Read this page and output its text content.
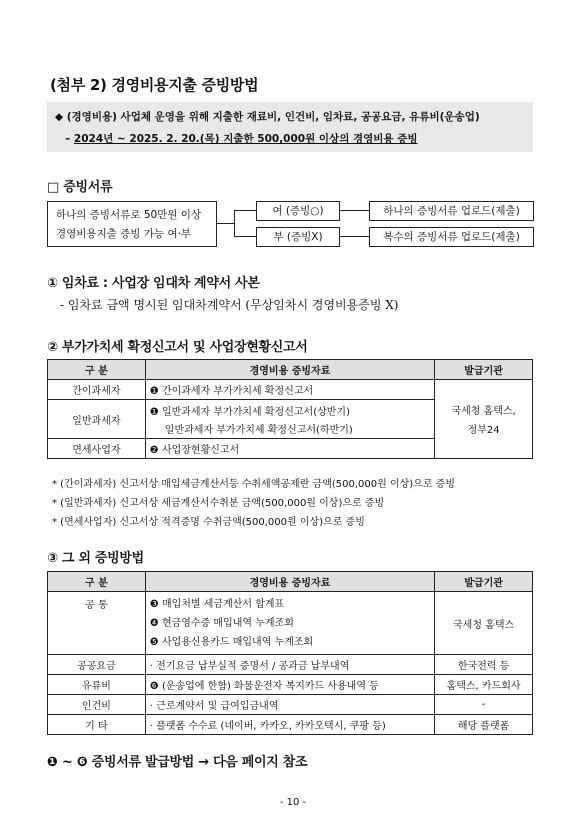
(첨부 2) 경영비용지출 증빙방법
◆ (경영비용) 사업체 운영을 위해 지출한 재료비, 인건비, 임차료, 공공요금, 유류비(운송업)
– 2024년 ~ 2025. 2. 20.(목) 지출한 500,000원 이상의 경영비용 증빙
□ 증빙서류
하나의 증빙서류로 50만원 이상
경영비용지출 증빙 가능 여·부
여 (증빙○)
부 (증빙X)
하나의 증빙서류 업로드(제출)
복수의 증빙서류 업로드(제출)
① 임차료 : 사업장 임대차 계약서 사본
- 임차료 금액 명시된 임대차계약서 (무상임차시 경영비용증빙 X)
② 부가가치세 확정신고서 및 사업장현황신고서
구 분	경영비용 증빙자료	발급기관
간이과세자	❶ 간이과세자 부가가치세 확정신고서	국세청 홈택스,
정부24

일반과세자	❶ 일반과세자 부가가치세 확정신고서(상반기)
일반과세자 부가가치세 확정신고서(하반기)	

면세사업자	❷ 사업장현황신고서	
* (간이과세자) 신고서상 매입세금계산서등 수취세액공제란 금액(500,000원 이상)으로 증빙
* (일반과세자) 신고서상 세금계산서수취분 금액(500,000원 이상)으로 증빙
* (면세사업자) 신고서상 적격증명 수취금액(500,000원 이상)으로 증빙
③ 그 외 증빙방법
구 분	경영비용 증빙자료	발급기관
공 통	❸ 매입처별 세금계산서 합계표
❹ 현금영수증 매입내역 누계조회
❺ 사업용신용카드 매입내역 누계조회	국세청 홈택스
공공요금	· 전기요금 납부실적 증명서 / 공과금 납부내역	한국전력 등
유류비	❻ (운송업에 한함) 화물운전자 복지카드 사용내역 등	홈택스, 카드회사
인건비	· 근로계약서 및 급여입금내역	-
기 타	· 플랫폼 수수료 (네이버, 카카오, 카카오택시, 쿠팡 등)	해당 플랫폼
❶ ~ ❻ 증빙서류 발급방법 → 다음 페이지 참조
- 10 -
